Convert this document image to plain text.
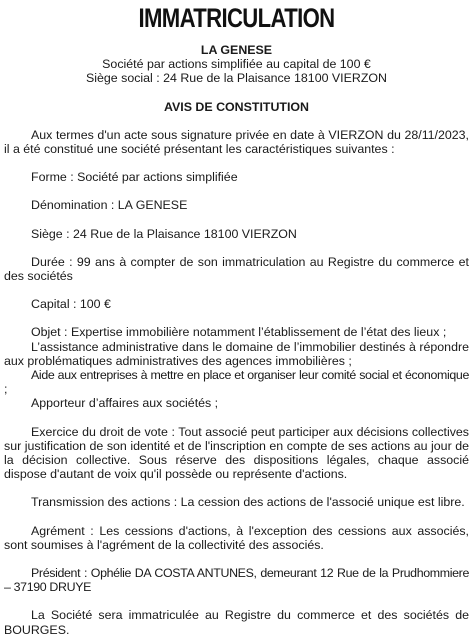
IMMATRICULATION
LA GENESE
Société par actions simplifiée au capital de 100 €
Siège social : 24 Rue de la Plaisance 18100 VIERZON
AVIS DE CONSTITUTION

Aux termes d'un acte sous signature privée en date à VIERZON du 28/11/2023, il a été constitué une société présentant les caractéristiques suivantes :

Forme : Société par actions simplifiée

Dénomination : LA GENESE

Siège : 24 Rue de la Plaisance 18100 VIERZON

Durée : 99 ans à compter de son immatriculation au Registre du commerce et des sociétés

Capital : 100 €

Objet : Expertise immobilière notamment l’établissement de l’état des lieux ;

L’assistance administrative dans le domaine de l’immobilier destinés à répondre aux problématiques administratives des agences immobilières ;

Aide aux entreprises à mettre en place et organiser leur comité social et économique ;

Apporteur d’affaires aux sociétés ;

Exercice du droit de vote : Tout associé peut participer aux décisions collectives sur justification de son identité et de l'inscription en compte de ses actions au jour de la décision collective. Sous réserve des dispositions légales, chaque associé dispose d'autant de voix qu'il possède ou représente d'actions.

Transmission des actions : La cession des actions de l'associé unique est libre.

Agrément : Les cessions d'actions, à l'exception des cessions aux associés, sont soumises à l'agrément de la collectivité des associés.

Président : Ophélie DA COSTA ANTUNES, demeurant 12 Rue de la Prudhommiere – 37190 DRUYE

La Société sera immatriculée au Registre du commerce et des sociétés de BOURGES.
